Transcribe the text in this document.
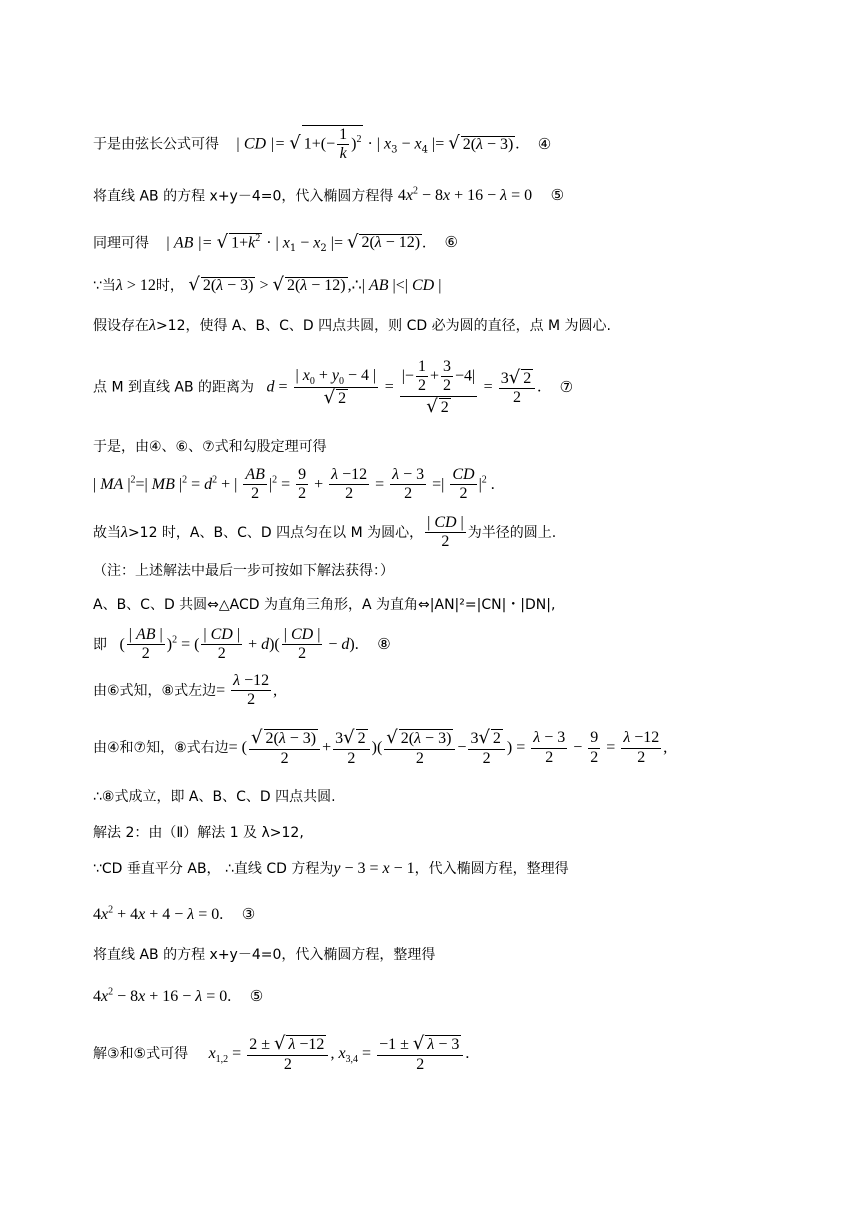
于是由弦长公式可得    | CD |= √ $1+(- \frac{1}{k} )^2$ · | $x_3 - x_4$ |= √ 2(λ − 3) . ④
将直线 AB 的方程 x+y－4=0，代入椭圆方程得 $4x^2 - 8x + 16 - \lambda = 0$ ⑤
同理可得    | AB |= √ $1+k^2$ · | $x_1 - x_2$ |= √ 2(λ − 12) . ⑥
∵当λ > 12时， √ 2(λ − 3) > √ 2(λ − 12) ,∴| AB |<| CD |
假设存在λ>12，使得 A、B、C、D 四点共圆，则 CD 必为圆的直径，点 M 为圆心.
点 M 到直线 AB 的距离为   $d = \frac{| x_0 + y_0 - 4 |}{√ 2} = \frac{|- \frac{1}{2} + \frac{3}{2} -4|}{√ 2} = \frac{3√ 2}{2}$ . ⑦
于是，由④、⑥、⑦式和勾股定理可得
| MA $|^2=|$ MB $|^2 = d^2$ + | $\frac{AB}{2} |^2 = \frac{9}{2} + \frac{\lambda -12}{2} = \frac{\lambda - 3}{2}$ =| $\frac{CD}{2} |^2$ .
故当λ>12 时，A、B、C、D 四点匀在以 M 为圆心， $\frac{| CD |}{2}$ 为半径的圆上.
（注：上述解法中最后一步可按如下解法获得：）
A、B、C、D 共圆⇔△ACD 为直角三角形，A 为直角⇔|AN|²=|CN|・|DN|,
即   ( $\frac{| AB |}{2} )^2$ = ( $\frac{| CD |}{2} + d)( \frac{| CD |}{2} - d)$. ⑧
由⑥式知，⑧式左边= $\frac{\lambda -12}{2}$ ,
由④和⑦知，⑧式右边= ( $\frac{√ 2(\lambda - 3)}{2} + \frac{3√ 2}{2}$ )( $\frac{√ 2(\lambda - 3)}{2} - \frac{3√ 2}{2}$ ) = $\frac{\lambda - 3}{2} - \frac{9}{2} = \frac{\lambda -12}{2}$ ,
∴⑧式成立，即 A、B、C、D 四点共圆.
解法 2：由（Ⅱ）解法 1 及 λ>12,
∵CD 垂直平分 AB， ∴直线 CD 方程为y − 3 = x − 1，代入椭圆方程，整理得
$4x^2 + 4x + 4 - \lambda = 0$. ③
将直线 AB 的方程 x+y－4=0，代入椭圆方程，整理得
$4x^2 - 8x + 16 - \lambda = 0$. ⑤
解③和⑤式可得 $x_{1,2} = \frac{2 \pm √ \lambda -12}{2}$ , $x_{3,4} = \frac{-1 \pm √ \lambda - 3}{2}$ .
